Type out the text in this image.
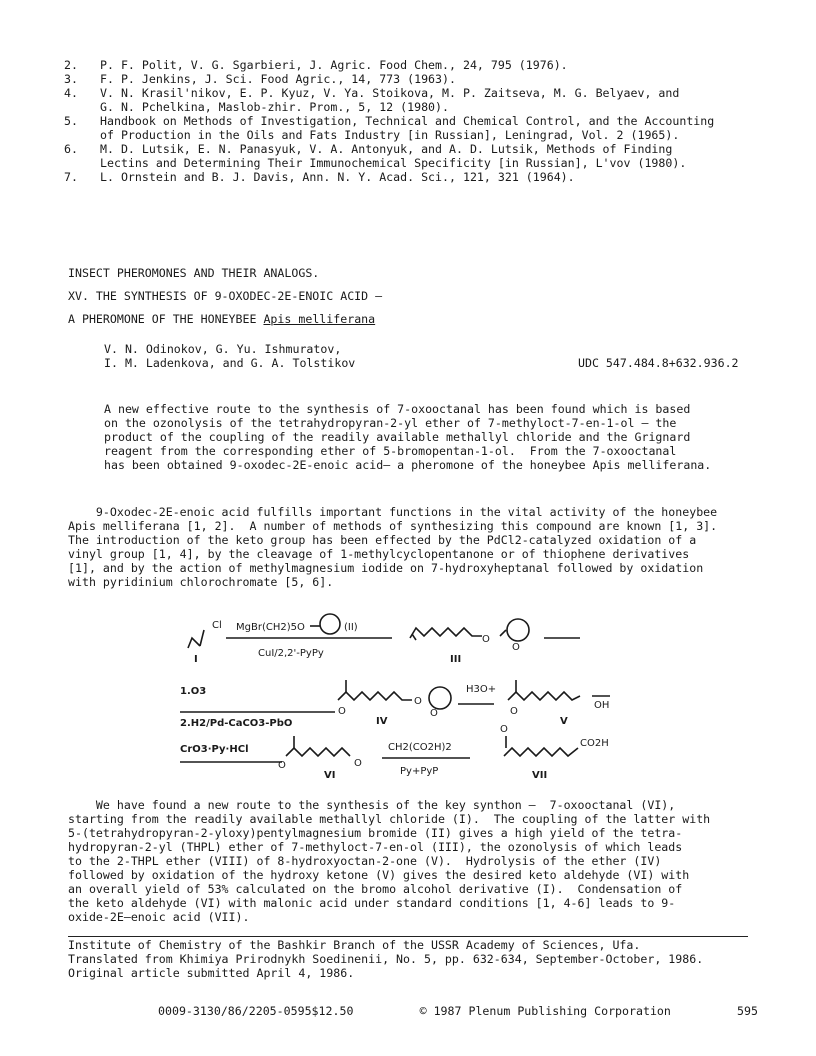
2.	P. F. Polit, V. G. Sgarbieri, J. Agric. Food Chem., 24, 795 (1976).
3.	F. P. Jenkins, J. Sci. Food Agric., 14, 773 (1963).
4.	V. N. Krasil'nikov, E. P. Kyuz, V. Ya. Stoikova, M. P. Zaitseva, M. G. Belyaev, and
G. N. Pchelkina, Maslob-zhir. Prom., 5, 12 (1980).
5.	Handbook on Methods of Investigation, Technical and Chemical Control, and the Accounting
of Production in the Oils and Fats Industry [in Russian], Leningrad, Vol. 2 (1965).
6.	M. D. Lutsik, E. N. Panasyuk, V. A. Antonyuk, and A. D. Lutsik, Methods of Finding
Lectins and Determining Their Immunochemical Specificity [in Russian], L'vov (1980).
7.	L. Ornstein and B. J. Davis, Ann. N. Y. Acad. Sci., 121, 321 (1964).
INSECT PHEROMONES AND THEIR ANALOGS.
XV. THE SYNTHESIS OF 9-OXODEC-2E-ENOIC ACID –
A PHEROMONE OF THE HONEYBEE Apis melliferana
V. N. Odinokov, G. Yu. Ishmuratov,
I. M. Ladenkova, and G. A. Tolstikov	UDC 547.484.8+632.936.2
A new effective route to the synthesis of 7-oxooctanal has been found which is based
on the ozonolysis of the tetrahydropyran-2-yl ether of 7-methyloct-7-en-1-ol – the
product of the coupling of the readily available methallyl chloride and the Grignard
reagent from the corresponding ether of 5-bromopentan-1-ol.  From the 7-oxooctanal
has been obtained 9-oxodec-2E-enoic acid– a pheromone of the honeybee Apis melliferana.
9-Oxodec-2E-enoic acid fulfills important functions in the vital activity of the honeybee
Apis melliferana [1, 2].  A number of methods of synthesizing this compound are known [1, 3].
The introduction of the keto group has been effected by the PdCl2-catalyzed oxidation of a
vinyl group [1, 4], by the cleavage of 1-methylcyclopentanone or of thiophene derivatives
[1], and by the action of methylmagnesium iodide on 7-hydroxyheptanal followed by oxidation
with pyridinium chlorochromate [5, 6].
Cl MgBr(CH2)5O	(II)
CuI/2,2'-PyPy
I	III
O
O
1.O3
2.H2/Pd-CaCO3-PbO
O
O
O
IV
H3O+
O
V
OH
CrO3·Py·HCl
O	O
VI
CH2(CO2H)2
Py+PyP
O
CO2H
VII
We have found a new route to the synthesis of the key synthon –  7-oxooctanal (VI),
starting from the readily available methallyl chloride (I).  The coupling of the latter with
5-(tetrahydropyran-2-yloxy)pentylmagnesium bromide (II) gives a high yield of the tetra-
hydropyran-2-yl (THPL) ether of 7-methyloct-7-en-ol (III), the ozonolysis of which leads
to the 2-THPL ether (VIII) of 8-hydroxyoctan-2-one (V).  Hydrolysis of the ether (IV)
followed by oxidation of the hydroxy ketone (V) gives the desired keto aldehyde (VI) with
an overall yield of 53% calculated on the bromo alcohol derivative (I).  Condensation of
the keto aldehyde (VI) with malonic acid under standard conditions [1, 4-6] leads to 9-
oxide-2E–enoic acid (VII).
Institute of Chemistry of the Bashkir Branch of the USSR Academy of Sciences, Ufa.
Translated from Khimiya Prirodnykh Soedinenii, No. 5, pp. 632-634, September-October, 1986.
Original article submitted April 4, 1986.
0009-3130/86/2205-0595$12.50	© 1987 Plenum Publishing Corporation	595
